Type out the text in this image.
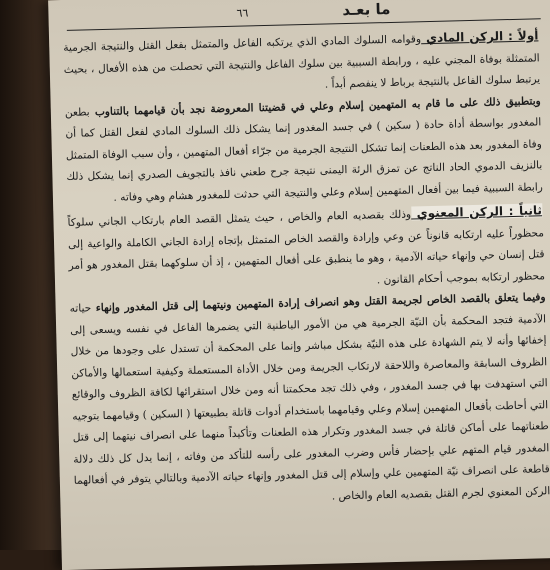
ما بعـد
٦٦

أولاً : الركن المادي وقوامه السلوك المادي الذي يرتكبه الفاعل والمتمثل بفعل القتل والنتيجة الجرمية المتمثلة بوفاة المجني عليه ، ورابطة السببية بين سلوك الفاعل والنتيجة التي تحصلت من هذه الأفعال ، بحيث يرتبط سلوك الفاعل بالنتيجة برباط لا ينفصم أبداً .

وبتطبيق ذلك على ما قام به المتهمين إسلام وعلي في قضيتنا المعروضة نجد بأن قيامهما بالتناوب بطعن المغدور بواسطة أداة حادة ( سكين ) في جسد المغدور إنما يشكل ذلك السلوك المادي لفعل القتل كما أن وفاة المغدور بعد هذه الطعنات إنما تشكل النتيجة الجرمية من جرّاء أفعال المتهمين ، وأن سبب الوفاة المتمثل بالنزيف الدموي الحاد الناتج عن تمزق الرئة اليمنى نتيجة جرح طعني نافذ بالتجويف الصدري إنما يشكل ذلك رابطة السببية فيما بين أفعال المتهمين إسلام وعلي والنتيجة التي حدثت للمغدور هشام وهي وفاته .

ثانياً : الركن المعنوي وذلك بقصديه العام والخاص ، حيث يتمثل القصد العام بارتكاب الجاني سلوكاً محظوراً عليه ارتكابه قانوناً عن وعي وإرادة والقصد الخاص المتمثل بإتجاه إرادة الجاني الكاملة والواعية إلى قتل إنسان حي وإنهاء حياته الآدمية ، وهو ما ينطبق على أفعال المتهمين ، إذ أن سلوكهما بقتل المغدور هو أمر محظور ارتكابه بموجب أحكام القانون .

وفيما يتعلق بالقصد الخاص لجريمة القتل وهو انصراف إرادة المتهمين ونيتهما إلى قتل المغدور وإنهاء حياته الآدمية فتجد المحكمة بأن النيّة الجرمية هي من الأمور الباطنية التي يضمرها الفاعل في نفسه ويسعى إلى إخفائها وأنه لا يتم الشهادة على هذه النيّة بشكل مباشر وإنما على المحكمة أن تستدل على وجودها من خلال الظروف السابقة والمعاصرة واللاحقة لارتكاب الجريمة ومن خلال الأداة المستعملة وكيفية استعمالها والأماكن التي استهدفت بها في جسد المغدور ، وفي ذلك تجد محكمتنا أنه ومن خلال استقرائها لكافة الظروف والوقائع التي أحاطت بأفعال المتهمين إسلام وعلي وقيامهما باستخدام أدوات قاتلة بطبيعتها ( السكين ) وقيامهما بتوجيه طعناتهما على أماكن قاتلة في جسد المغدور وتكرار هذه الطعنات وتأكيداً منهما على انصراف نيتهما إلى قتل المغدور قيام المتهم علي بإحضار فأس وضرب المغدور على رأسه للتأكد من وفاته ، إنما يدل كل ذلك دلالة قاطعة على انصراف نيّة المتهمين علي وإسلام إلى قتل المغدور وإنهاء حياته الآدمية وبالتالي يتوفر في أفعالهما الركن المعنوي لجرم القتل بقصديه العام والخاص .
